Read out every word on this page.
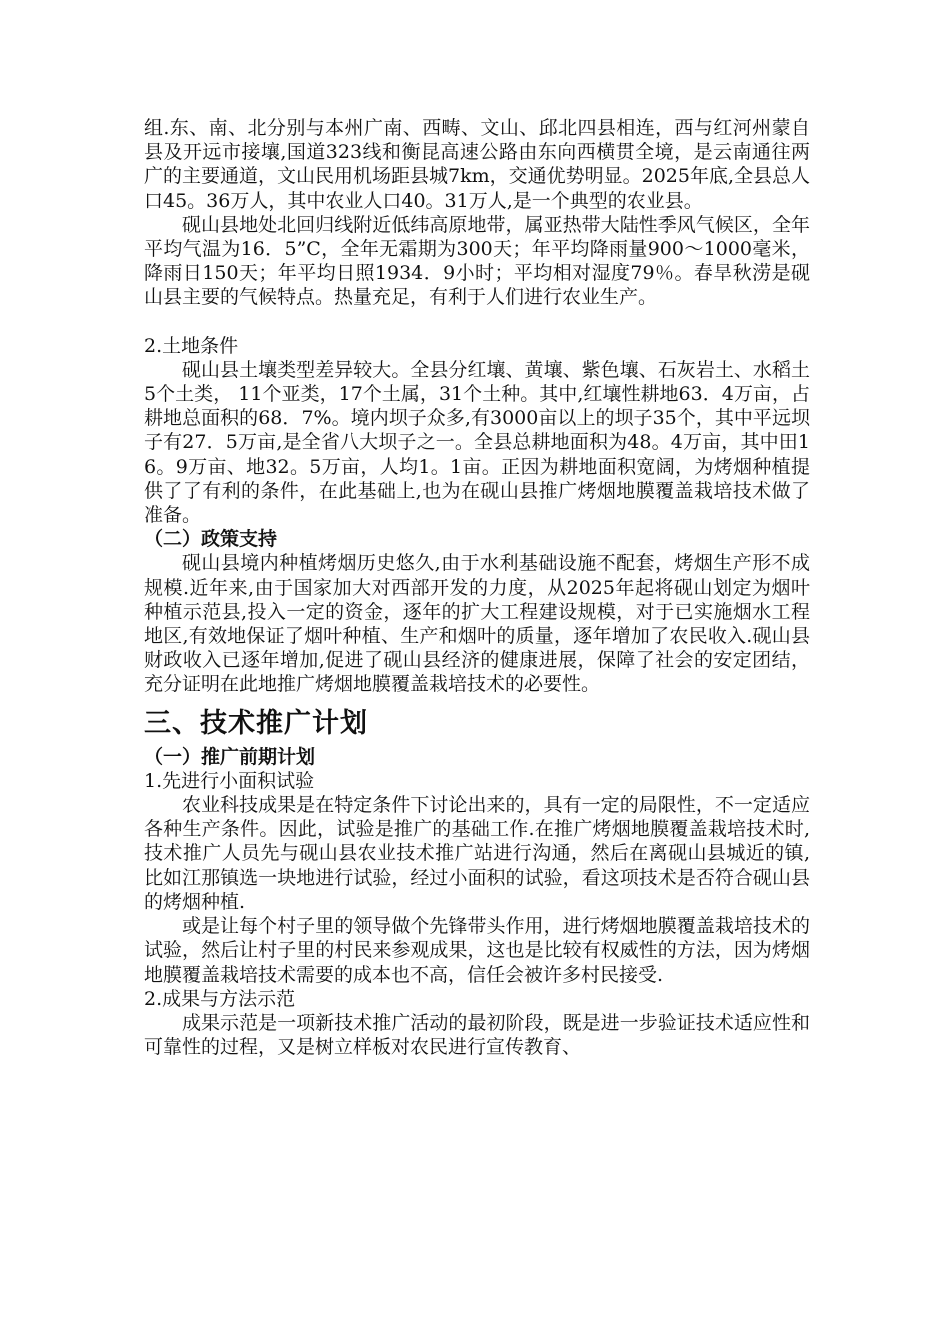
组.东、南、北分别与本州广南、西畴、文山、邱北四县相连，西与红河州蒙自县及开远市接壤,国道323线和衡昆高速公路由东向西横贯全境，是云南通往两广的主要通道，文山民用机场距县城7km，交通优势明显。2025年底,全县总人口45。36万人，其中农业人口40。31万人,是一个典型的农业县。

砚山县地处北回归线附近低纬高原地带，属亚热带大陆性季风气候区，全年平均气温为16．5”C，全年无霜期为300天；年平均降雨量900～1000毫米，降雨日150天；年平均日照1934．9小时；平均相对湿度79％。春旱秋涝是砚山县主要的气候特点。热量充足，有利于人们进行农业生产。

2.土地条件

砚山县土壤类型差异较大。全县分红壤、黄壤、紫色壤、石灰岩土、水稻土5个土类， 11个亚类，17个土属，31个土种。其中,红壤性耕地63．4万亩，占耕地总面积的68．7%。境内坝子众多,有3000亩以上的坝子35个，其中平远坝子有27．5万亩,是全省八大坝子之一。全县总耕地面积为48。4万亩，其中田16。9万亩、地32。5万亩，人均1。1亩。正因为耕地面积宽阔，为烤烟种植提供了了有利的条件，在此基础上,也为在砚山县推广烤烟地膜覆盖栽培技术做了准备。

（二）政策支持

砚山县境内种植烤烟历史悠久,由于水利基础设施不配套，烤烟生产形不成规模.近年来,由于国家加大对西部开发的力度，从2025年起将砚山划定为烟叶种植示范县,投入一定的资金，逐年的扩大工程建设规模，对于已实施烟水工程地区,有效地保证了烟叶种植、生产和烟叶的质量，逐年增加了农民收入.砚山县财政收入已逐年增加,促进了砚山县经济的健康进展，保障了社会的安定团结，充分证明在此地推广烤烟地膜覆盖栽培技术的必要性。

三、技术推广计划

（一）推广前期计划

1.先进行小面积试验

农业科技成果是在特定条件下讨论出来的，具有一定的局限性，不一定适应各种生产条件。因此，试验是推广的基础工作.在推广烤烟地膜覆盖栽培技术时,技术推广人员先与砚山县农业技术推广站进行沟通，然后在离砚山县城近的镇,比如江那镇选一块地进行试验，经过小面积的试验，看这项技术是否符合砚山县的烤烟种植.

或是让每个村子里的领导做个先锋带头作用，进行烤烟地膜覆盖栽培技术的试验，然后让村子里的村民来参观成果，这也是比较有权威性的方法，因为烤烟地膜覆盖栽培技术需要的成本也不高，信任会被许多村民接受.

2.成果与方法示范

成果示范是一项新技术推广活动的最初阶段，既是进一步验证技术适应性和可靠性的过程，又是树立样板对农民进行宣传教育、
